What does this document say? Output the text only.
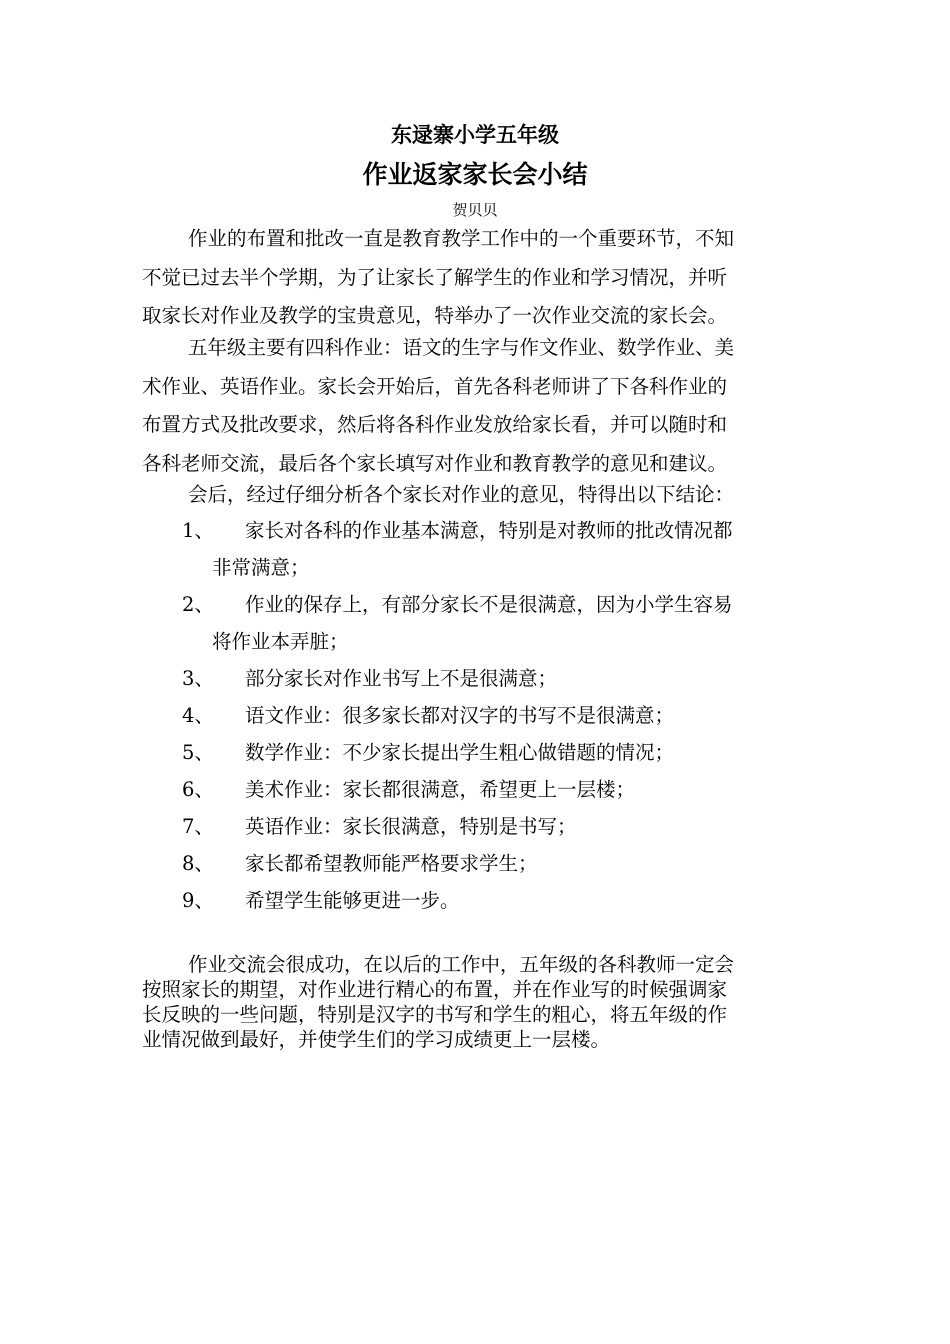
东逯寨小学五年级
作业返家家长会小结
贺贝贝

作业的布置和批改一直是教育教学工作中的一个重要环节，不知
不觉已过去半个学期，为了让家长了解学生的作业和学习情况，并听
取家长对作业及教学的宝贵意见，特举办了一次作业交流的家长会。

五年级主要有四科作业：语文的生字与作文作业、数学作业、美
术作业、英语作业。家长会开始后，首先各科老师讲了下各科作业的
布置方式及批改要求，然后将各科作业发放给家长看，并可以随时和
各科老师交流，最后各个家长填写对作业和教育教学的意见和建议。

会后，经过仔细分析各个家长对作业的意见，特得出以下结论：

1、 家长对各科的作业基本满意，特别是对教师的批改情况都
非常满意；
2、 作业的保存上，有部分家长不是很满意，因为小学生容易
将作业本弄脏；
3、 部分家长对作业书写上不是很满意；
4、 语文作业：很多家长都对汉字的书写不是很满意；
5、 数学作业：不少家长提出学生粗心做错题的情况；
6、 美术作业：家长都很满意，希望更上一层楼；
7、 英语作业：家长很满意，特别是书写；
8、 家长都希望教师能严格要求学生；
9、 希望学生能够更进一步。

作业交流会很成功，在以后的工作中，五年级的各科教师一定会
按照家长的期望，对作业进行精心的布置，并在作业写的时候强调家
长反映的一些问题，特别是汉字的书写和学生的粗心，将五年级的作
业情况做到最好，并使学生们的学习成绩更上一层楼。
